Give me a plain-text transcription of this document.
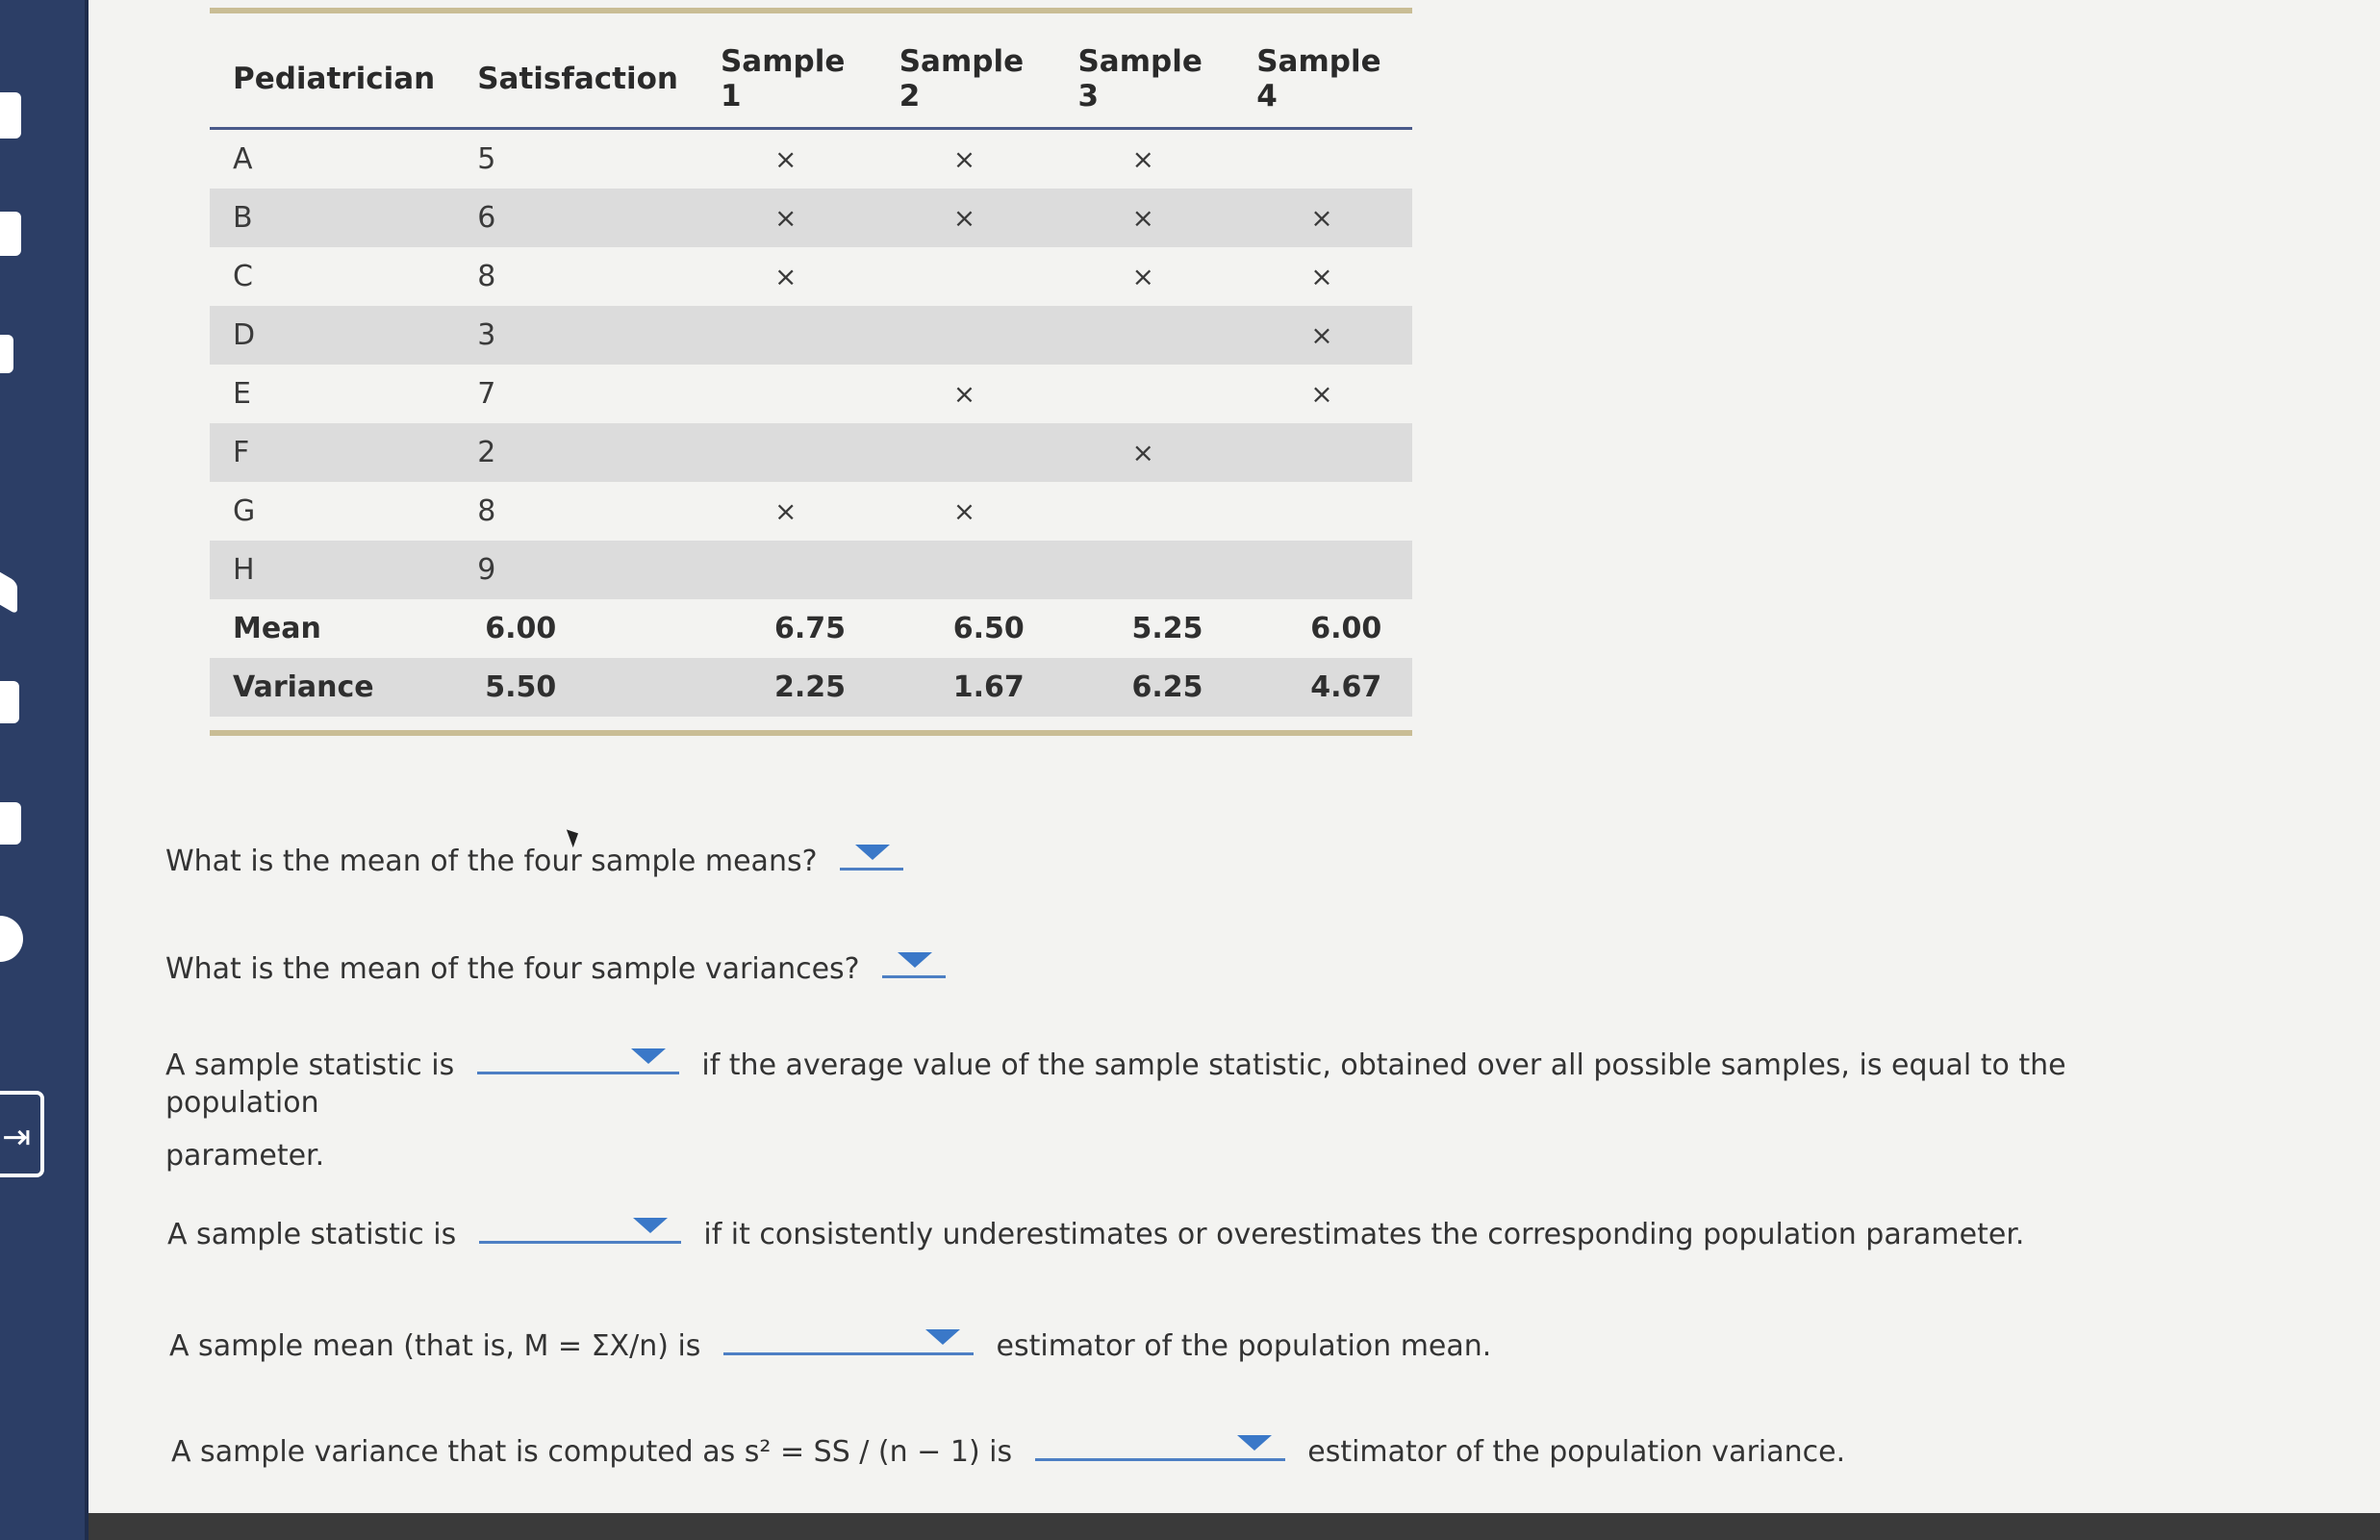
⇥
Pediatrician	Satisfaction	Sample 1	Sample 2	Sample 3	Sample 4
A	5	×	×	×	
B	6	×	×	×	×
C	8	×		×	×
D	3				×
E	7		×		×
F	2			×	
G	8	×	×		
H	9				
Mean	6.00	6.75	6.50	5.25	6.00
Variance	5.50	2.25	1.67	6.25	4.67
What is the mean of the four sample means?
What is the mean of the four sample variances?
A sample statistic is	if the average value of the sample statistic, obtained over all possible samples, is equal to the population
parameter.
A sample statistic is	if it consistently underestimates or overestimates the corresponding population parameter.
A sample mean (that is, M = ΣX/n) is	estimator of the population mean.
A sample variance that is computed as s² = SS / (n − 1) is	estimator of the population variance.
